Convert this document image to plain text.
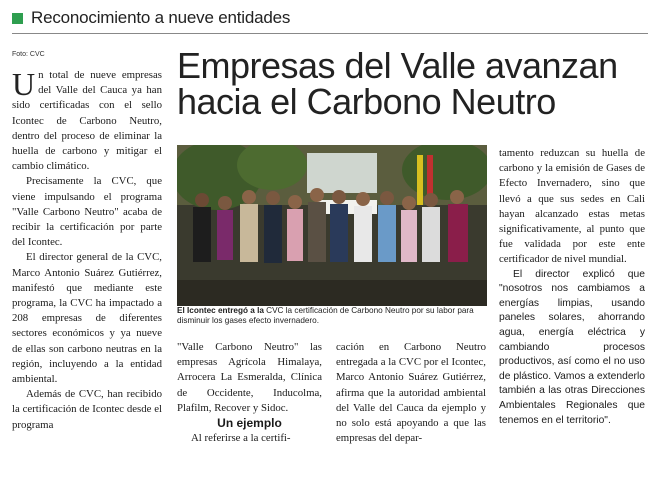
Reconocimiento a nueve entidades
Foto: CVC

Un total de nueve empresas del Valle del Cauca ya han sido certificadas con el sello Icontec de Carbono Neutro, dentro del proceso de eliminar la huella de carbono y mitigar el cambio climático.

Precisamente la CVC, que viene impulsando el programa "Valle Carbono Neutro" acaba de recibir la certificación por parte del Icontec.

El director general de la CVC, Marco Antonio Suárez Gutiérrez, manifestó que mediante este programa, la CVC ha impactado a 208 empresas de diferentes sectores económicos y ya nueve de ellas son carbono neutras en la región, incluyendo a la entidad ambiental.

Además de CVC, han recibido la certificación de Icontec desde el programa

Empresas del Valle avanzan hacia el Carbono Neutro
El Icontec entregó a la CVC la certificación de Carbono Neutro por su labor para disminuir los gases efecto invernadero.

"Valle Carbono Neutro" las empresas Agrícola Himalaya, Arrocera La Esmeralda, Clínica de Occidente, Inducolma, Plafilm, Recover y Sidoc.

Un ejemplo

Al referirse a la certifi-

cación en Carbono Neutro entregada a la CVC por el Icontec, Marco Antonio Suárez Gutiérrez, afirma que la autoridad ambiental del Valle del Cauca da ejemplo y no solo está apoyando a que las empresas del depar-

tamento reduzcan su huella de carbono y la emisión de Gases de Efecto Invernadero, sino que llevó a que sus sedes en Cali hayan alcanzado estas metas significativamente, al punto que fue validada por este ente certificador de nivel mundial.

El director explicó que "nosotros nos cambiamos a energías limpias, usando paneles solares, ahorrando agua, energía eléctrica y cambiando procesos productivos, así como el no uso de plástico. Vamos a extenderlo también a las otras Direcciones Ambientales Regionales que tenemos en el territorio".
